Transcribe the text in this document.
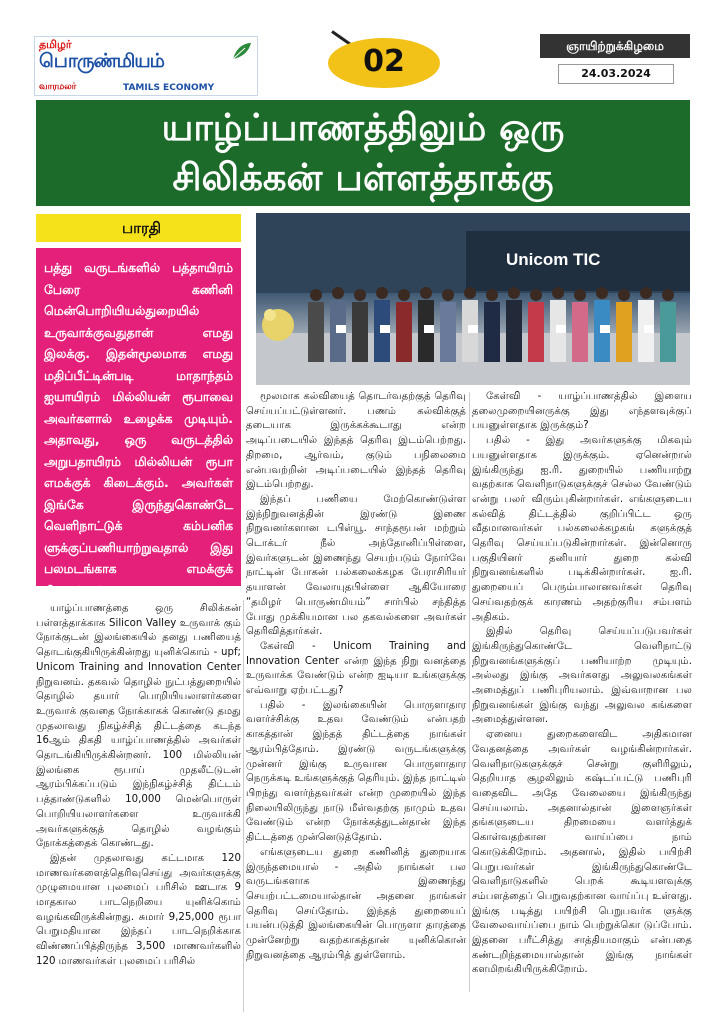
தமிழர்
பொருண்மியம்
வாரமலர்	TAMILS ECONOMY
02	ஞாயிற்றுக்கிழமை
24.03.2024
யாழ்ப்பாணத்திலும் ஒரு
சிலிக்கன் பள்ளத்தாக்கு
பாரதி
பத்து வருடங்களில் பத்தாயிரம் பேரை கணினி மென்பொறியியல்துறையில் உருவாக்குவதுதான் எமது இலக்கு. இதன்மூலமாக எமது மதிப்பீட்டின்படி மாதாந்தம் ஐயாயிரம் மில்லியன் ரூபாவை அவர்களால் உழைக்க முடியும். அதாவது, ஒரு வருடத்தில் அறுபதாயிரம் மில்லியன் ரூபா எமக்குக் கிடைக்கும். அவர்கள் இங்கே இருந்துகொண்டே வெளிநாட்டுக் கம்பனிக ளுக்குப்பணியாற்றுவதால் இது பலமடங்காக எமக்குக் கிடைக்கும்...
Unicom TIC

யாழ்ப்பாணத்தை ஒரு சிலிக்கன் பள்ளத்தாக்காக Silicon Valley உருவாக் கும் நோக்குடன் இலங்கையில் தனது பணியைத் தொடங்குகியிருக்கின்றது யுனிக்கொம் - upf; Unicom Training and Innovation Center நிறுவனம். தகவல் தொழில் நுட்பத்துறையில் தொழில் தயார் பொறியியலாளர்களை உருவாக் குவதை நோக்காகக் கொண்டு தமது முதலாவது நிகழ்ச்சித் திட்டத்தை கடந்த 16ஆம் திகதி யாழ்ப்பாணத்தில் அவர்கள் தொடங்கியிருக்கின்றனர். 100 மில்லியன் இலங்கை ரூபாய் முதலீட்டுடன் ஆரம்பிக்கப்படும் இந்நிகழ்ச்சித் திட்டம் பத்தாண்டுகளில் 10,000 மென்பொருள் பொறியியலாளர்களை உருவாக்கி அவர்களுக்குத் தொழில் வழங்கும் நோக்கத்தைக் கொண்டது.

இதன் முதலாவது கட்டமாக 120 மாணவர்களைத்தெரிவுசெய்து அவர்களுக்கு முழுமையான புலமைப் பரிசில் ஊடாக 9 மாதகால பாடநெறியை யுனிக்கொம் வழங்கவிருக்கின்றது. சுமார் 9,25,000 ரூபா பெறுமதியான இந்தப் பாடநெறிக்காக விண்ணப்பித்திருந்த 3,500 மாணவர்களில் 120 மாணவர்கள் புலமைப் பரிசில்

மூலமாக கல்வியைத் தொடர்வதற்குத் தெரிவு செய்யப்பட்டுள்ளனர். பணம் கல்விக்குத் தடையாக இருக்கக்கூடாது என்ற அடிப்படையில் இந்தத் தெரிவு இடம்பெற்றது. திறமை, ஆர்வம், குடும் பநிலைமை என்பவற்றின் அடிப்படையில் இந்தத் தெரிவு இடம்பெற்றது.

இந்தப் பணியை மேற்கொண்டுள்ள இந்நிறுவனத்தின் இரண்டு இணை நிறுவனர்களான டபிள்யூ. சாந்தரூபன் மற்றும் டொக்டர் நீல் அந்தோனிப்பிள்ளை, இவர்களுடன் இணைந்து செயற்படும் நோர்வே நாட்டின் போகன் பல்கலைக்கழக பேராசிரியர் தயாளன் வேலாயுதபிள்ளை ஆகியோரை “தமிழர் பொருண்மியம்” சார்பில் சந்தித்த போது முக்கியமான பல தகவல்களை அவர்கள் தெரிவித்தார்கள்.

கேள்வி - Unicom Training and Innovation Center என்ற இந்த நிறு வனத்தை உருவாக்க வேண்டும் என்ற ஐடியா உங்களுக்கு எவ்வாறு ஏற்பட்டது?

பதில் - இலங்கையின் பொருளாதார வளர்ச்சிக்கு உதவ வேண்டும் என்பதற் காகத்தான் இந்தத் திட்டத்தை நாங்கள் ஆரம்பித்தோம். இரண்டு வருடங்களுக்கு முன்னர் இங்கு உருவான பொருளாதார நெருக்கடி உங்களுக்குத் தெரியும். இந்த நாட்டில் பிறந்து வளர்ந்தவர்கள் என்ற முறையில் இந்த நிலையிலிருந்து நாடு மீள்வதற்கு நாமும் உதவ வேண்டும் என்ற நோக்கத்துடன்தான் இந்த திட்டத்தை முன்னெடுத்தோம்.

எங்களுடைய துறை கணினித் துறையாக இருந்தமையால் - அதில் நாங்கள் பல வருடங்களாக இணைந்து செயற்பட்டமையால்தான் அதனை நாங்கள் தெரிவு செய்தோம். இந்தத் துறையைப் பயன்படுத்தி இலங்கையின் பொருளா தாரத்தை முன்னேற்று வதற்காகத்தான் யுனிக்கொன் நிறுவனத்தை ஆரம்பித் துள்ளோம்.

கேள்வி - யாழ்ப்பாணத்தில் இளைய தலைமுறையினருக்கு இது எந்தளவுக்குப் பயனுள்ளதாக இருக்கும்?

பதில் - இது அவர்களுக்கு மிகவும் பயனுள்ளதாக இருக்கும். ஏனென்றால் இங்கிருந்து ஐ.ரி. துறையில் பணியாற்று வதற்காக வெளிநாடுகளுக்குச் செல்ல வேண்டும் என்று பலர் விரும்புகின்றார்கள். எங்களுடைய கல்வித் திட்டத்தில் குறிப்பிட்ட ஒரு வீதமானவர்கள் பல்கலைக்கழகங் களுக்குத் தெரிவு செய்யப்படுகின்றார்கள். இன்னொரு பகுதியினர் தனியார் துறை கல்வி நிறுவனங்களில் படிக்கின்றார்கள். ஐ.ரி. துறையைப் பெரும்பாலானவர்கள் தெரிவு செய்வதற்குக் காரணம் அதற்குரிய சம்பளம் அதிகம்.

இதில் தெரிவு செய்யப்படுபவர்கள் இங்கிருந்துகொண்டே வெளிநாட்டு நிறுவனங்களுக்குப் பணியாற்ற முடியும். அல்லது இங்கு அவர்களது அலுவலகங்கள் அமைத்துப் பணிபுரியலாம். இவ்வாறான பல நிறுவனங்கள் இங்கு வந்து அலுவல கங்களை அமைத்துள்ளன.

ஏனைய துறைகளைவிட அதிகமான வேதனத்தை அவர்கள் வழங்கின்றார்கள். வெளிநாடுகளுக்குச் சென்று குளிரிலும், தெறியாத சூழலிலும் கஷ்டப்பட்டு பணிபுரி வதைவிட அதே வேலையை இங்கிருந்து செய்யலாம். அதனால்தான் இளைஞர்கள் தங்களுடைய திறமையை வளர்த்துக் கொள்வதற்கான வாய்ப்பை நாம் கொடுக்கிறோம். அதனால், இதில் பயிற்சி பெறுபவர்கள் இங்கிருந்துகொண்டே வெளிநாடுகளில் பெறக் கூடியளவுக்கு சம்பளத்தைப் பெறுவதற்கான வாய்ப்பு உள்ளது. இங்கு படித்து பயிற்சி பெறுபவர்க ளுக்கு வேலைவாய்ப்பை நாம் பெற்றுக்கொ டுப்போம். இதனை பரீட்சித்து சாத்தியமாகும் என்பதை கண்டறிந்தமையால்தான் இங்கு நாங்கள் களமிறங்கியிருக்கிறோம்.
